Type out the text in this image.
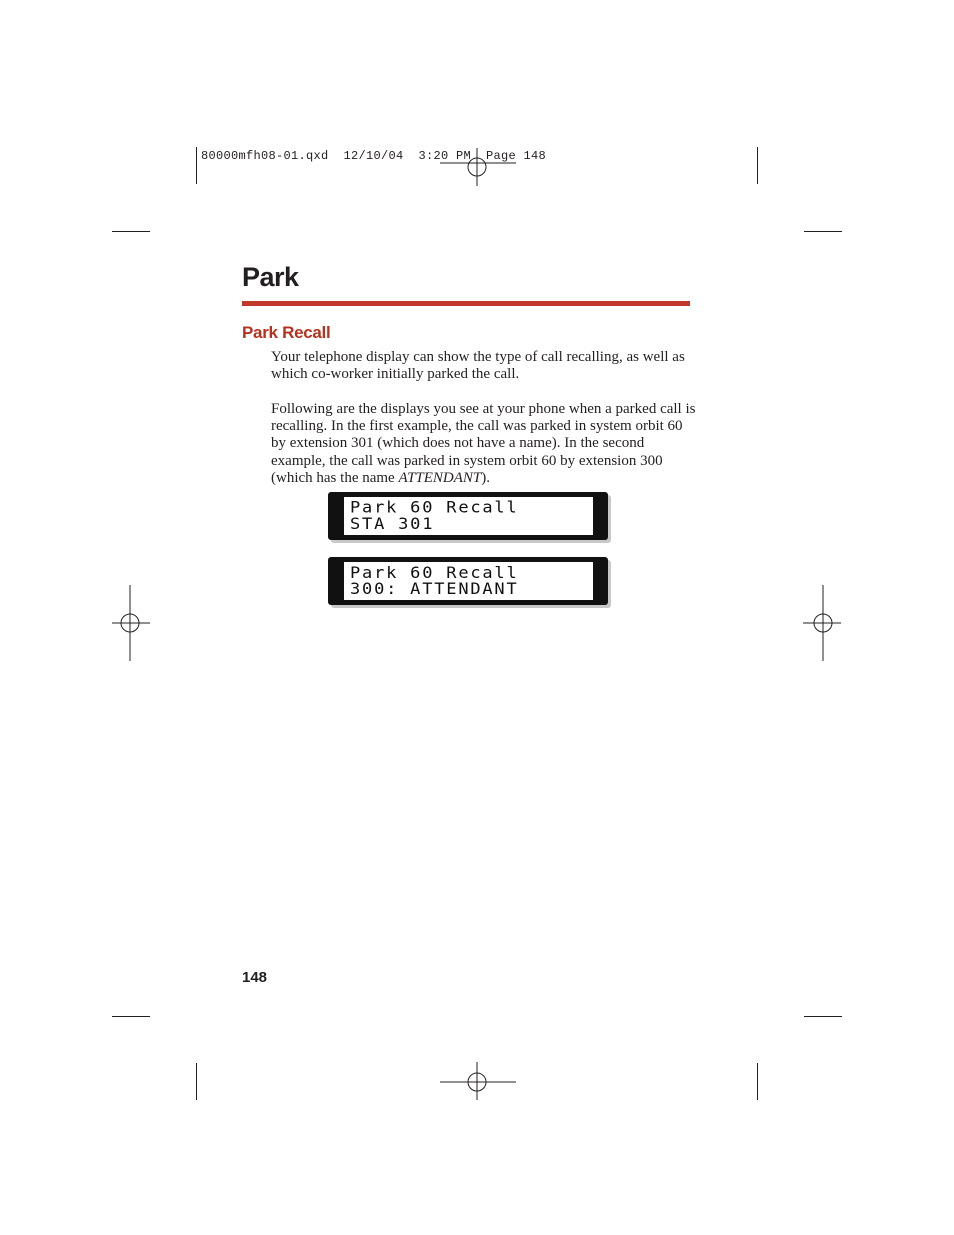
80000mfh08-01.qxd  12/10/04  3:20 PM  Page 148
Park
Park Recall
Your telephone display can show the type of call recalling, as well as which co-worker initially parked the call.
Following are the displays you see at your phone when a parked call is recalling. In the first example, the call was parked in system orbit 60 by extension 301 (which does not have a name). In the second example, the call was parked in system orbit 60 by extension 300 (which has the name ATTENDANT).
Park 60 Recall
STA 301
Park 60 Recall
300: ATTENDANT
148
